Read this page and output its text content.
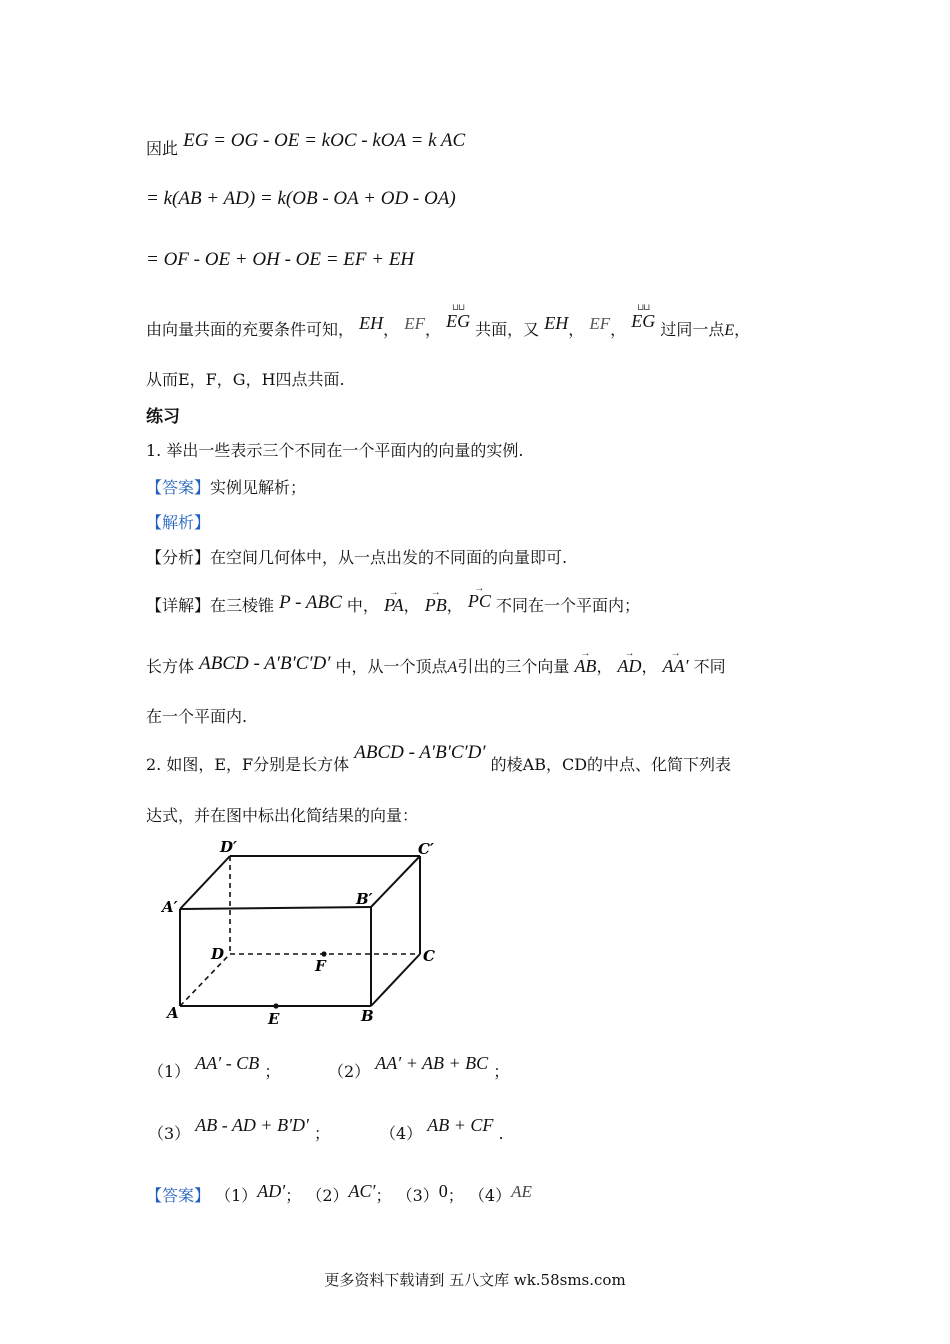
因此 EG = OG - OE = kOC - kOA = k AC
= k(AB + AD) = k(OB - OA + OD - OA)
= OF - OE + OH - OE = EF + EH
由向量共面的充要条件可知， EH， EF， ⊔⊔ EG 共面，又 EH， EF， ⊔⊔ EG 过同一点E，
从而E，F，G，H四点共面.
练习
1. 举出一些表示三个不同在一个平面内的向量的实例.
【答案】实例见解析；
【解析】
【分析】在空间几何体中，从一点出发的不同面的向量即可.
【详解】在三棱锥 P - ABC 中， → PA， → PB， → PC 不同在一个平面内；
长方体 ABCD - A′B′C′D′ 中，从一个顶点A引出的三个向量 → AB， → AD， → AA′ 不同
在一个平面内.
2. 如图，E，F分别是长方体 ABCD - A′B′C′D′ 的棱AB，CD的中点、化简下列表
达式，并在图中标出化简结果的向量：
D′	C′
A′	B′
D	C
A	B
E
F
（1） AA′ - CB ；	（2） AA′ + AB + BC ；
（3） AB - AD + B′D′ ；	（4） AB + CF .
【答案】 （1）AD′； （2）AC′； （3）0； （4）AE
更多资料下载请到 五八文库 wk.58sms.com
